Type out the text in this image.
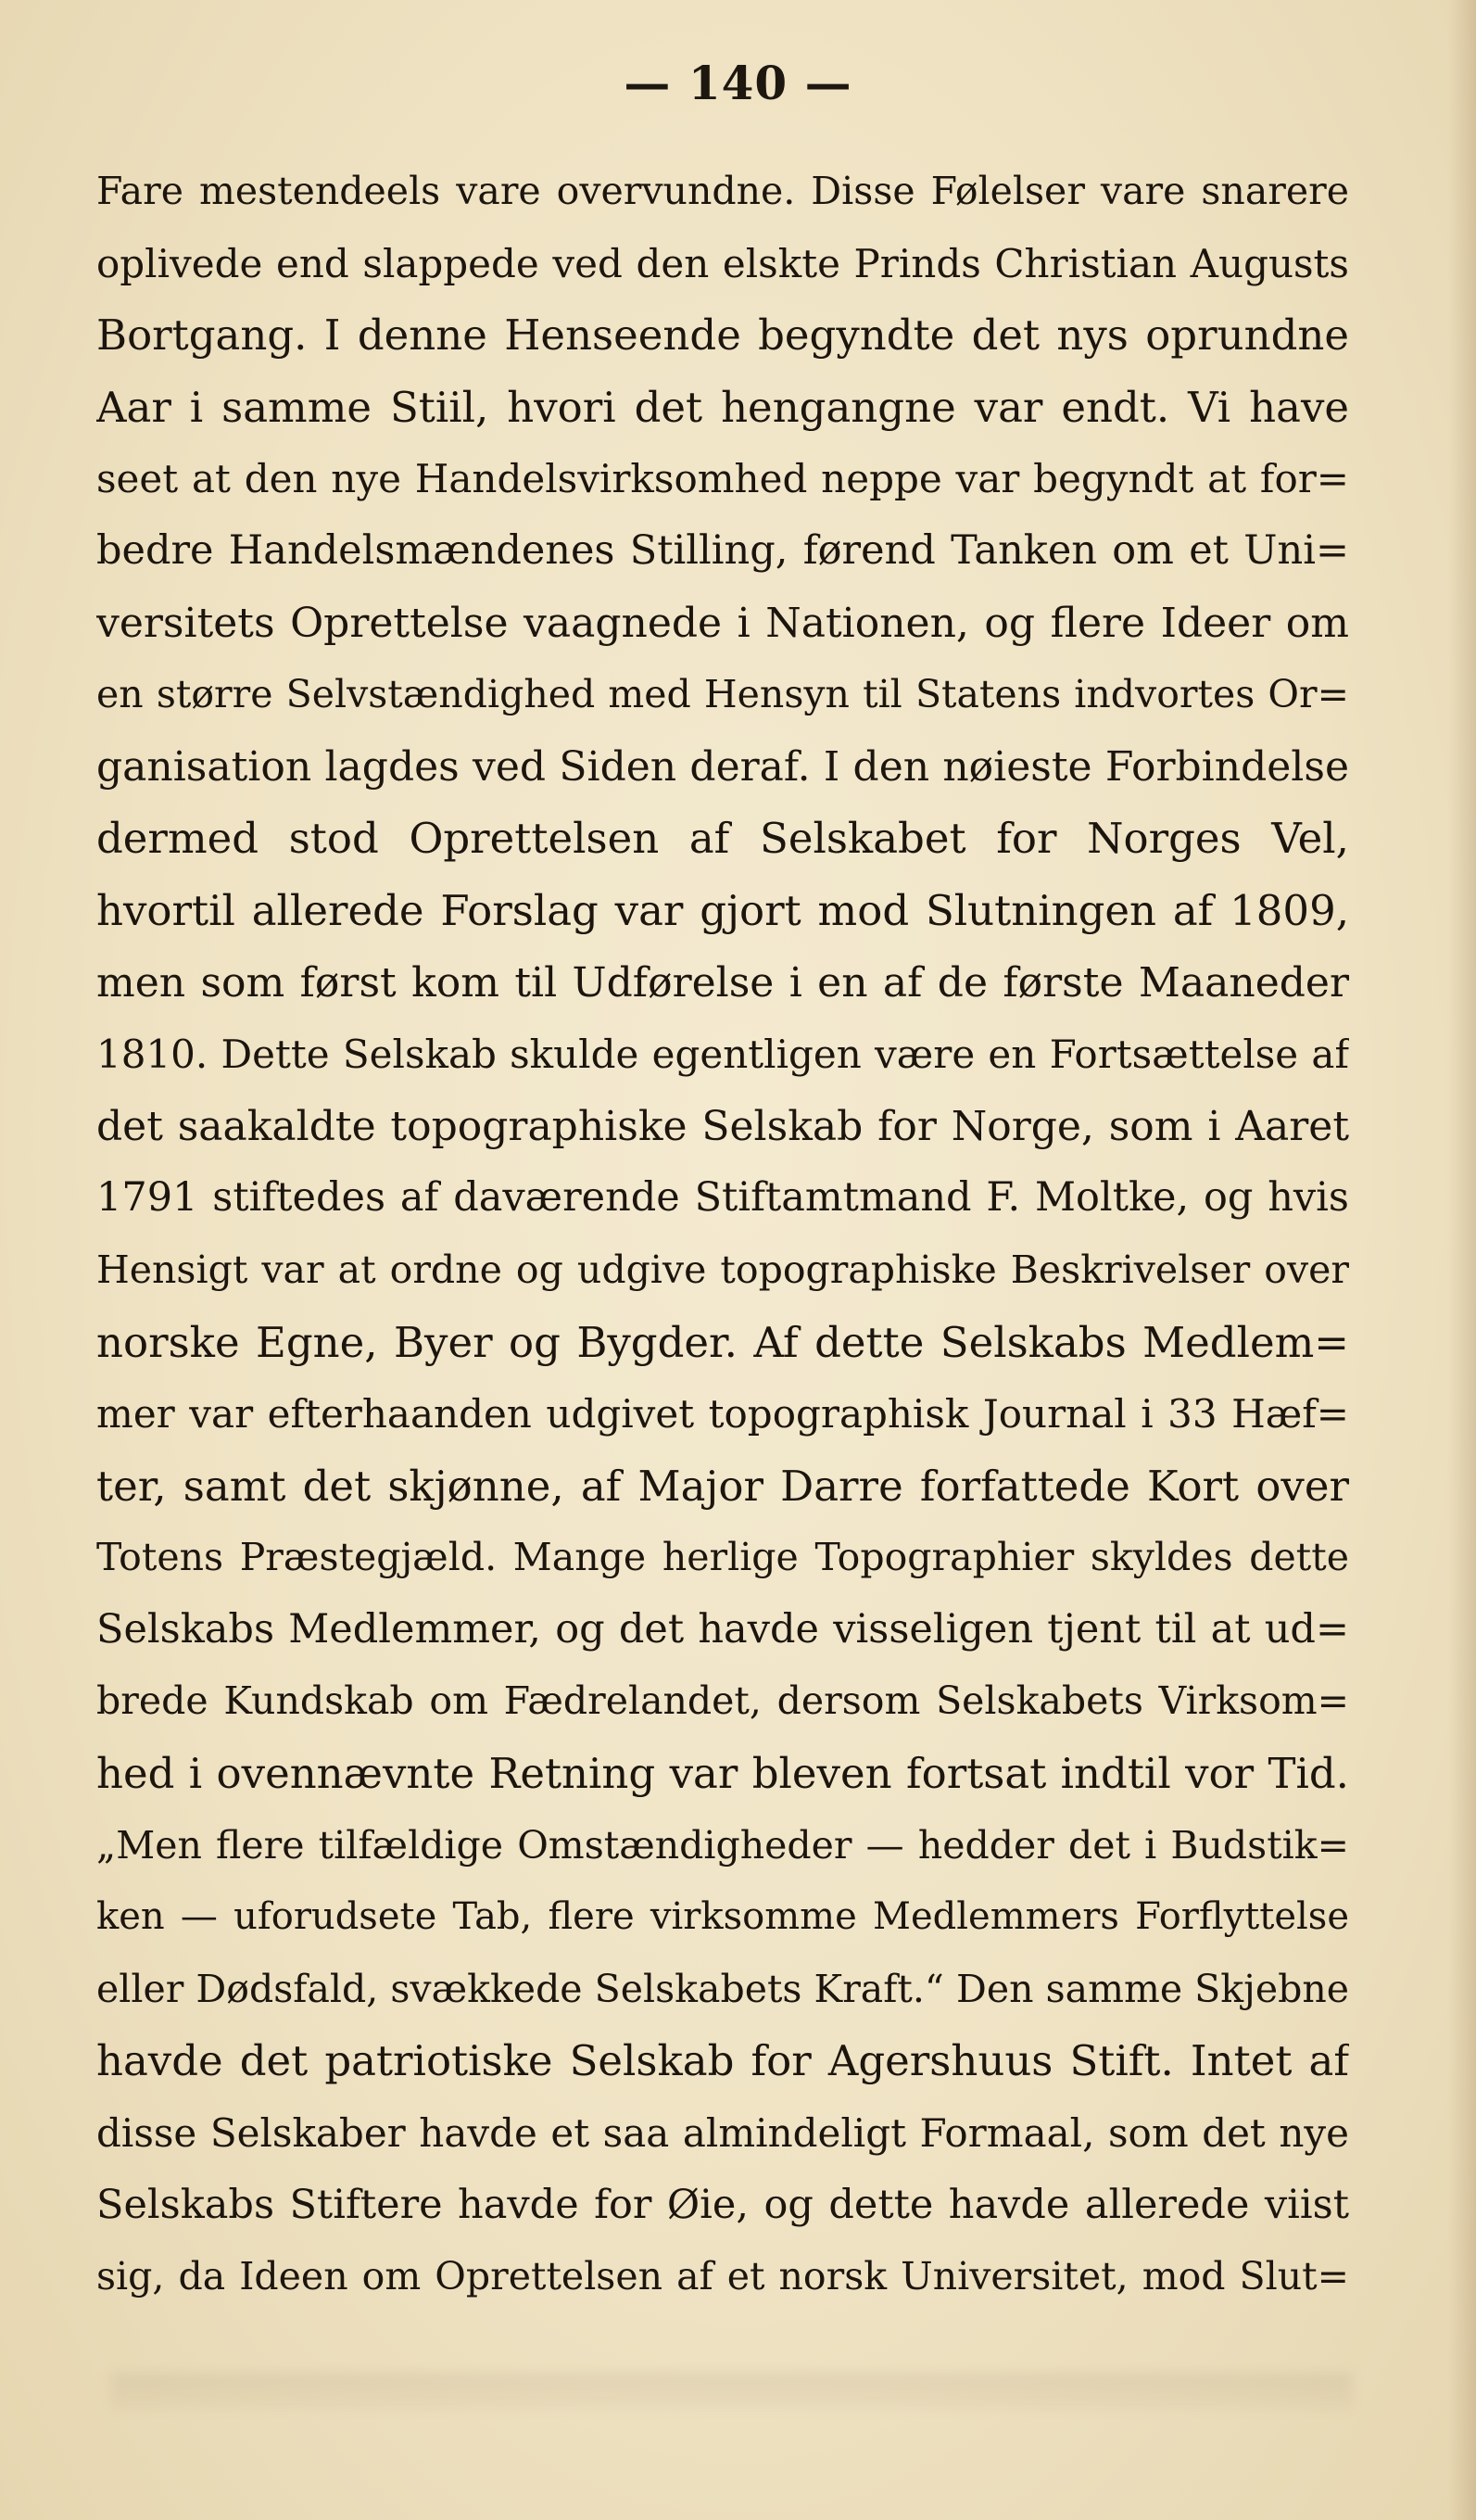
— 140 —
Fare mestendeels vare overvundne. Disse Følelser vare snarere
oplivede end slappede ved den elskte Prinds Christian Augusts
Bortgang. I denne Henseende begyndte det nys oprundne
Aar i samme Stiil, hvori det hengangne var endt. Vi have
seet at den nye Handelsvirksomhed neppe var begyndt at for=
bedre Handelsmændenes Stilling, førend Tanken om et Uni=
versitets Oprettelse vaagnede i Nationen, og flere Ideer om
en større Selvstændighed med Hensyn til Statens indvortes Or=
ganisation lagdes ved Siden deraf. I den nøieste Forbindelse
dermed stod Oprettelsen af Selskabet for Norges Vel,
hvortil allerede Forslag var gjort mod Slutningen af 1809,
men som først kom til Udførelse i en af de første Maaneder
1810. Dette Selskab skulde egentligen være en Fortsættelse af
det saakaldte topographiske Selskab for Norge, som i Aaret
1791 stiftedes af daværende Stiftamtmand F. Moltke, og hvis
Hensigt var at ordne og udgive topographiske Beskrivelser over
norske Egne, Byer og Bygder. Af dette Selskabs Medlem=
mer var efterhaanden udgivet topographisk Journal i 33 Hæf=
ter, samt det skjønne, af Major Darre forfattede Kort over
Totens Præstegjæld. Mange herlige Topographier skyldes dette
Selskabs Medlemmer, og det havde visseligen tjent til at ud=
brede Kundskab om Fædrelandet, dersom Selskabets Virksom=
hed i ovennævnte Retning var bleven fortsat indtil vor Tid.
„Men flere tilfældige Omstændigheder — hedder det i Budstik=
ken — uforudsete Tab, flere virksomme Medlemmers Forflyttelse
eller Dødsfald, svækkede Selskabets Kraft.“ Den samme Skjebne
havde det patriotiske Selskab for Agershuus Stift. Intet af
disse Selskaber havde et saa almindeligt Formaal, som det nye
Selskabs Stiftere havde for Øie, og dette havde allerede viist
sig, da Ideen om Oprettelsen af et norsk Universitet, mod Slut=
